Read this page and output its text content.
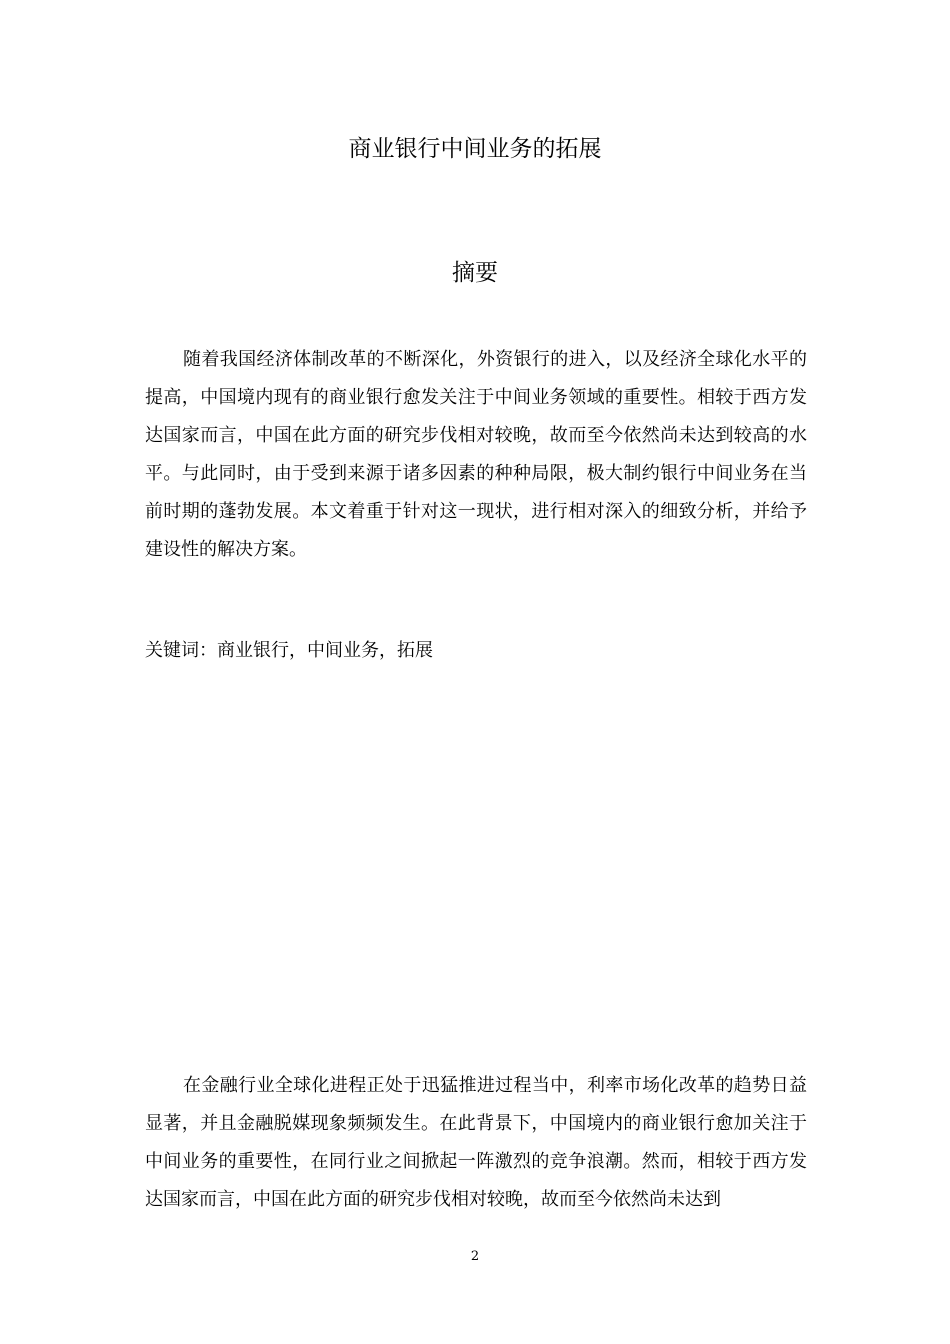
商业银行中间业务的拓展
摘要

随着我国经济体制改革的不断深化，外资银行的进入，以及经济全球化水平的提高，中国境内现有的商业银行愈发关注于中间业务领域的重要性。相较于西方发达国家而言，中国在此方面的研究步伐相对较晚，故而至今依然尚未达到较高的水平。与此同时，由于受到来源于诸多因素的种种局限，极大制约银行中间业务在当前时期的蓬勃发展。本文着重于针对这一现状，进行相对深入的细致分析，并给予建设性的解决方案。

关键词：商业银行，中间业务，拓展

在金融行业全球化进程正处于迅猛推进过程当中，利率市场化改革的趋势日益显著，并且金融脱媒现象频频发生。在此背景下，中国境内的商业银行愈加关注于中间业务的重要性，在同行业之间掀起一阵激烈的竞争浪潮。然而，相较于西方发达国家而言，中国在此方面的研究步伐相对较晚，故而至今依然尚未达到

2
